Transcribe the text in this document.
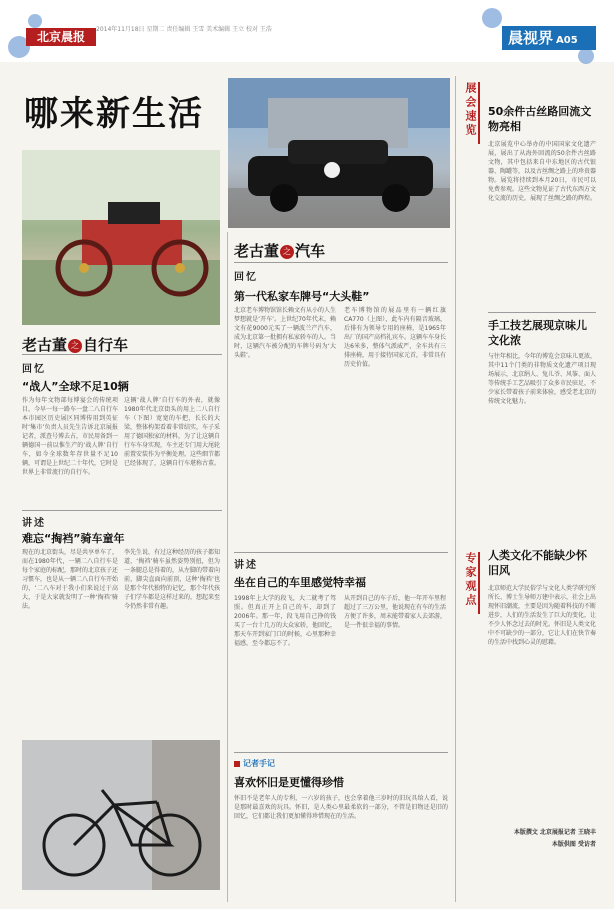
北京晨报
2014年11月18日 星期二 责任编辑 王雪 美术编辑 王立 校对 王浩	晨视界 A05
哪来新生活
老古董 之 汽车
回忆
第一代私家车牌号“大头鞋”
北京老车博物馆馆长赖文有从小的人生梦想就是‘开车’。上世纪70年代末，赖文有花9000元买了一辆波兰产汽车，成为北京第一批拥有私家轿车的人。当时，这辆汽车被分配的车牌号码为‘大头鞋’。
老车博物馆的展品里有一辆红旗CA770（上图），此车内有隔音玻璃，后排有为领导专用的座椅，是1965年出厂的国产高档礼宾车。这辆车车身长达6米多，整体气派威严，全车共有三排座椅，用于接待国家元首，非常具有历史价值。
老古董 之 自行车
回忆
“战人”全球不足10辆
作为每年文物部每博宴会的传统项目，今早一每一路车一盘二八自行车本市园区历史展区同博传用到英征时‘集市’负责人员先生告诉北京展报记者，派查号博去占，市民用备到一辆德国一前以惟生产的‘战人牌’自行车，如今全球数年存世量不足10辆，可谓是上世纪二十年代，它时是世界上非常流行的自行车。
这辆‘战人牌’自行车的外表，就像1980年代北京街头的用上二八自行车（下图）宽宽的车把，长长的大梁，整体构架看着非常结实，车子采用了德国独家的材料，为了让这辆自行车车身实现，车主还专门用大尾轮前置安装作为平衡处理。这些细节都已经体现了，这辆自行车堪称古董。
讲述
难忘“掏裆”骑车童年
现在的北京街头，尽是共享单车了，而在1980年代，一辆二八自行车是每个家庭的标配，那时的北京孩子还习惯车，也是从一辆二八自行车开始的，‘二八车对于我小们来说过于高大，于是大家就发明了一种‘掏裆’骑法。
李先生说，有过这种经历的孩子都知道，‘掏裆’骑车虽然姿势别扭，但为一条腿总是得着的，从左脚的带着向前，脚尖直面向前顶，这种‘掏裆’也是那个年代独特的记忆，那个年代孩子们学车都是这样过来的，想起来至今仍然非常有趣。
讲述
坐在自己的车里感觉特幸福
1998年上大学的段飞，大二就考了驾照。但真正开上自己的车，却到了2006年。那一年，段飞用自己挣的钱买了一台十几万的大众家轿，他回忆，那天车开到家门口的时候，心里那种幸福感，至今都忘不了。
从开到自己的车子后，他一年开车里程超过了三万公里，他说现在有车的生活方便了许多，周末能带着家人去郊游，是一件很幸福的事情。
记者手记
喜欢怀旧是更懂得珍惜
怀旧不是老年人的专利，一六岁的孩子，也会拿着他三岁时的旧玩具给人看，说是那时最喜欢的玩具。怀旧，是人类心里最柔软的一部分，不管是旧物还是旧的回忆，它们都让我们更加懂得珍惜现在的生活。
展会速览 50余件古丝路回流文物亮相
北京展览中心举办的中国国家文化遗产展，展出了从海外回流的50余件古丝路文物，其中包括来自中东地区的古代银器、陶罐等，以及古丝绸之路上的珍贵器物。展览将持续到本月20日，市民可以免费参观。这些文物见证了古代东西方文化交流的历史，展现了丝绸之路的辉煌。
手工技艺展现京味儿文化浓
与往年相比，今年的博览会京味儿更浓，其中11个门类的非物质文化遗产项目现场展示，北京绢人、兔儿爷、风筝、面人等传统手工艺品吸引了众多市民驻足，不少家长带着孩子前来体验，感受老北京的传统文化魅力。
专家观点 人类文化不能缺少怀旧风
北京师范大学民俗学与文化人类学研究所所长、博士生导师万建中表示，社会上出现怀旧潮流，主要是因为随着科技的不断进步，人们的生活发生了巨大的变化，让不少人怀念过去的时光。怀旧是人类文化中不可缺少的一部分，它让人们在快节奏的生活中找到心灵的慰藉。
本版撰文 北京展报记者 王晓丰
本版供图 受访者
